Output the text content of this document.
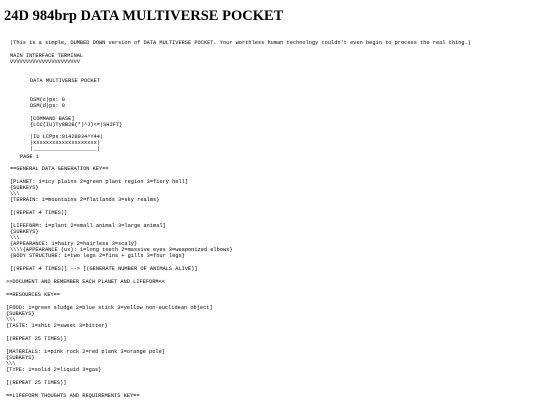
24D 984brp DATA MULTIVERSE POCKET
(This is a simple, DUMBED DOWN version of DATA MULTIVERSE POCKET. Your worthless human technology couldn't even begin to process the real thing.)
MAIN INTERFACE TERMINAL
VVVVVVVVVVVVVVVVVVVVVV
DATA MULTIVERSE POCKET
DSM(c)ps: 0
DSM(d)ps: 0
[COMMAND BASE]
{LCC(IU)Ty8B2B(*)^J)<=|SHIFT}
|IU LCPps:91428934^Y44|
|xxxxxxxxxxxxxxxxxxxx|
|____________________|
PAGE 1
==GENERAL DATA GENERATION KEY==
[PLANET: 1=icy plains 2=green plant region 3=fiery hell]
{SUBKEYS}
\\\
{TERRAIN: 1=mountains 2=flatlands 3=sky realms}
[(REPEAT 4 TIMES)]
[LIFEFORM: 1=plant 2=small animal 3=large animal]
{SUBKEYS}
\\\
{APPEARANCE: 1=hairy 2=hairless 3=scaly}
\\\\{APPEARANCE (ux): 1=long teeth 2=massive eyes 3=weaponized elbows}
{BODY STRUCTURE: 1=two legs 2=fins + gills 3=four legs}
[(REPEAT 4 TIMES)] --> [(GENERATE NUMBER OF ANIMALS ALIVE)]
>>DOCUMENT AND REMEMBER EACH PLANET AND LIFEFORM<<
==RESOURCES KEY==
[FOOD: 1=green sludge 2=blue stick 3=yellow non-euclidean object]
{SUBKEYS}
\\\
{TASTE: 1=shit 2=sweet 3=bitter}
[(REPEAT 25 TIMES)]
[MATERIALS: 1=pink rock 2=red plank 3=orange pole]
{SUBKEYS}
\\\
{TYPE: 1=solid 2=liquid 3=gas}
[(REPEAT 25 TIMES)]
==LIFEFORM THOUGHTS AND REQUIREMENTS KEY==
